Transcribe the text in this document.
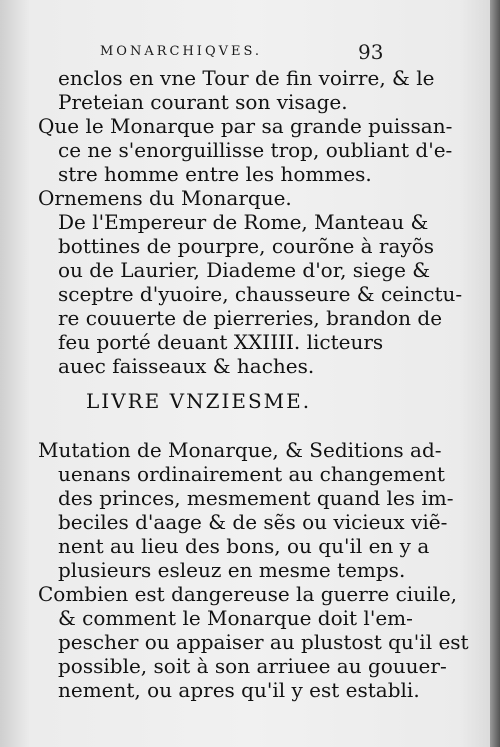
MONARCHIQVES.	93
enclos en vne Tour de fin voirre, & le
Preteian courant son visage.
Que le Monarque par sa grande puissan-
ce ne s'enorguillisse trop, oubliant d'e-
stre homme entre les hommes.
Ornemens du Monarque.
De l'Empereur de Rome, Manteau &
bottines de pourpre, courõne à rayõs
ou de Laurier, Diademe d'or, siege &
sceptre d'yuoire, chausseure & ceinctu-
re couuerte de pierreries, brandon de
feu porté deuant XXIIII. licteurs
auec faisseaux & haches.
LIVRE VNZIESME.
Mutation de Monarque, & Seditions ad-
uenans ordinairement au changement
des princes, mesmement quand les im-
beciles d'aage & de sẽs ou vicieux viẽ-
nent au lieu des bons, ou qu'il en y a
plusieurs esleuz en mesme temps.
Combien est dangereuse la guerre ciuile,
& comment le Monarque doit l'em-
pescher ou appaiser au plustost qu'il est
possible, soit à son arriuee au gouuer-
nement, ou apres qu'il y est establi.
